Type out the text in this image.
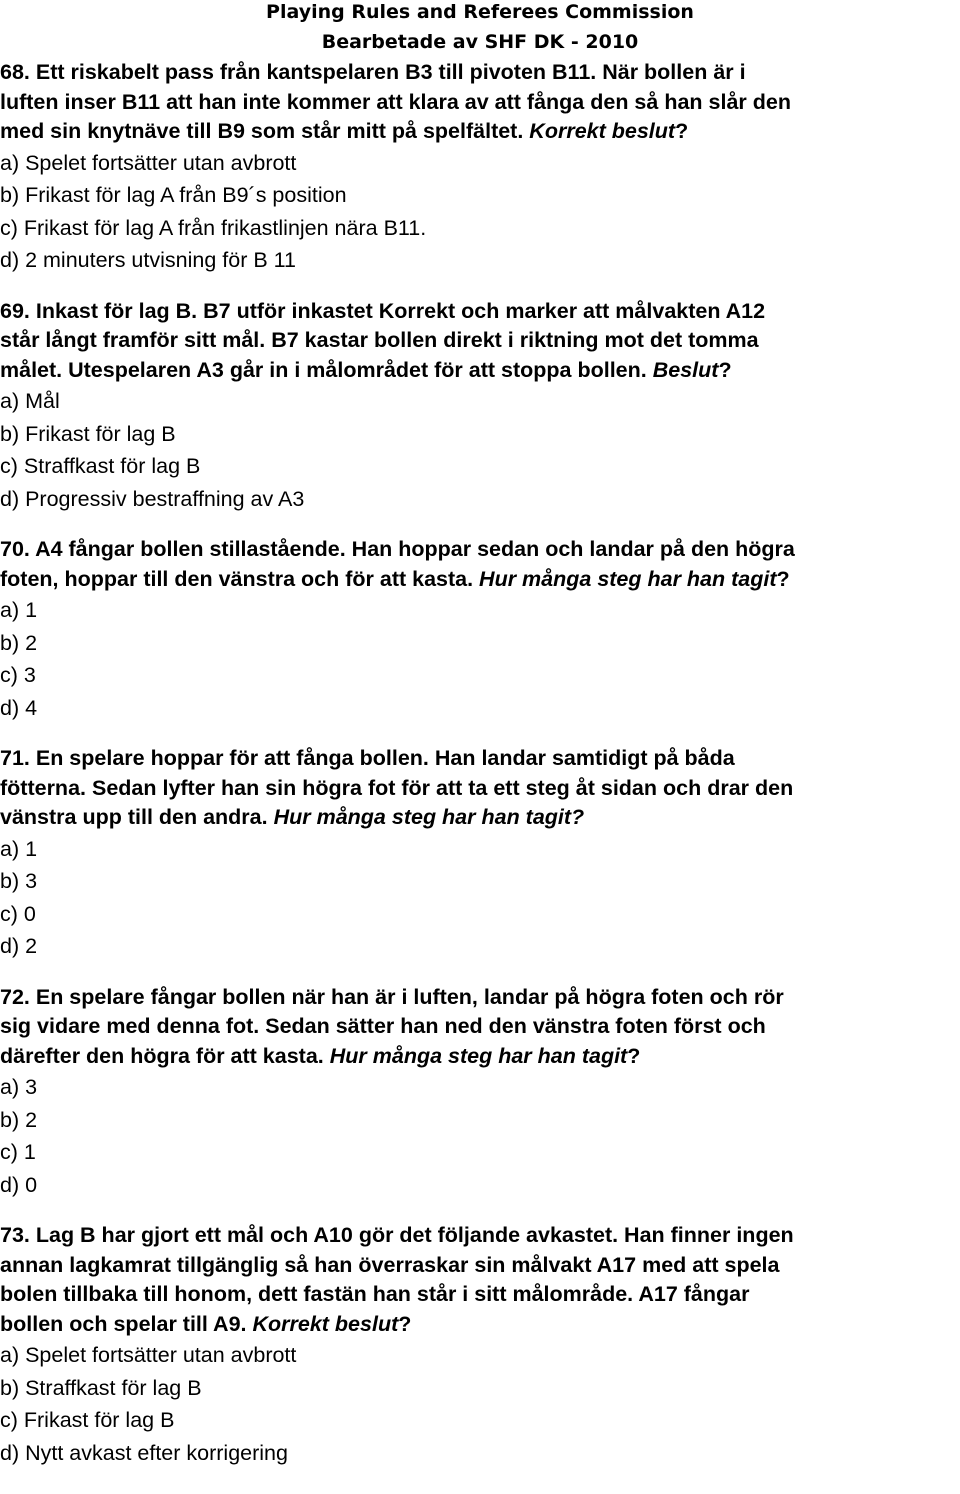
Playing Rules and Referees Commission
Bearbetade av SHF DK - 2010

68. Ett riskabelt pass från kantspelaren B3 till pivoten B11. När bollen är i

luften inser B11 att han inte kommer att klara av att fånga den så han slår den

med sin knytnäve till B9 som står mitt på spelfältet. Korrekt beslut?

a) Spelet fortsätter utan avbrott

b) Frikast för lag A från B9´s position

c) Frikast för lag A från frikastlinjen nära B11.

d) 2 minuters utvisning för B 11

69. Inkast för lag B. B7 utför inkastet Korrekt och marker att målvakten A12

står långt framför sitt mål. B7 kastar bollen direkt i riktning mot det tomma

målet. Utespelaren A3 går in i målområdet för att stoppa bollen. Beslut?

a) Mål

b) Frikast för lag B

c) Straffkast för lag B

d) Progressiv bestraffning av A3

70. A4 fångar bollen stillastående. Han hoppar sedan och landar på den högra

foten, hoppar till den vänstra och för att kasta. Hur många steg har han tagit?

a) 1

b) 2

c) 3

d) 4

71. En spelare hoppar för att fånga bollen. Han landar samtidigt på båda

fötterna. Sedan lyfter han sin högra fot för att ta ett steg åt sidan och drar den

vänstra upp till den andra. Hur många steg har han tagit?

a) 1

b) 3

c) 0

d) 2

72. En spelare fångar bollen när han är i luften, landar på högra foten och rör

sig vidare med denna fot. Sedan sätter han ned den vänstra foten först och

därefter den högra för att kasta. Hur många steg har han tagit?

a) 3

b) 2

c) 1

d) 0

73. Lag B har gjort ett mål och A10 gör det följande avkastet. Han finner ingen

annan lagkamrat tillgänglig så han överraskar sin målvakt A17 med att spela

bolen tillbaka till honom, dett fastän han står i sitt målområde. A17 fångar

bollen och spelar till A9. Korrekt beslut?

a) Spelet fortsätter utan avbrott

b) Straffkast för lag B

c) Frikast för lag B

d) Nytt avkast efter korrigering
